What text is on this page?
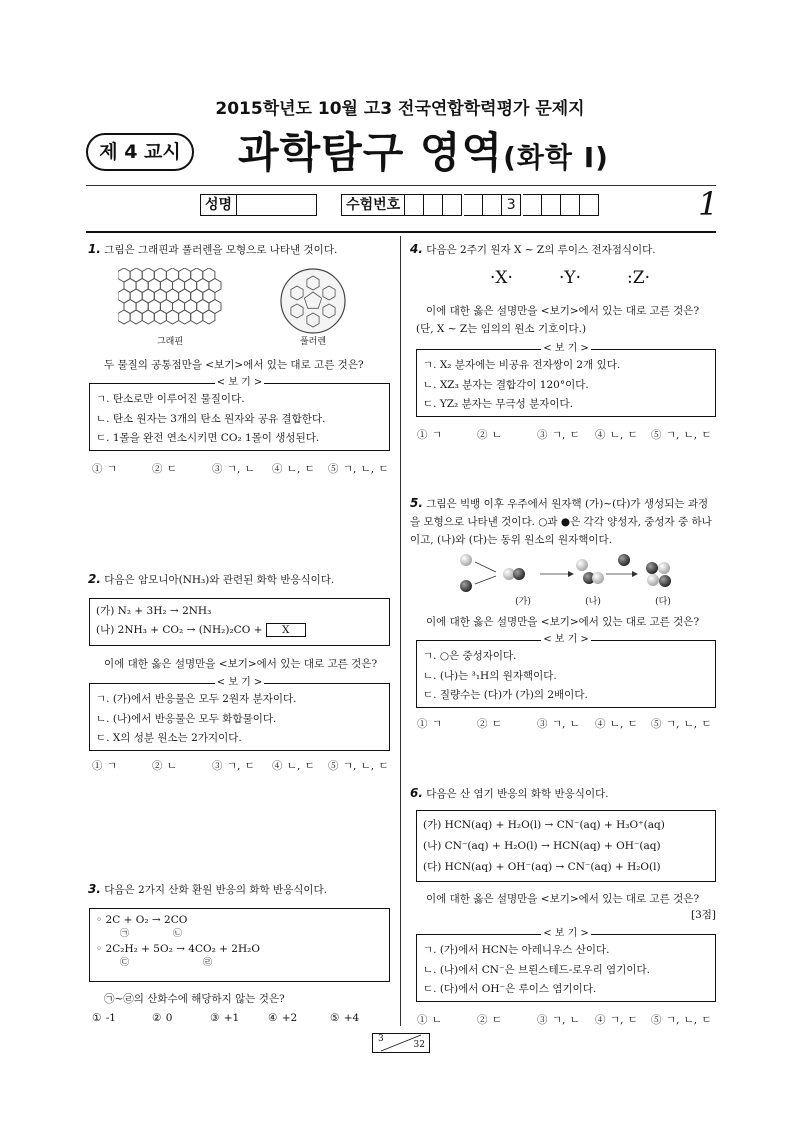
2015학년도 10월 고3 전국연합학력평가 문제지
제 4 교시	과학탐구 영역(화학 Ⅰ)
성명	수험번호	3	1
1. 그림은 그래핀과 풀러렌을 모형으로 나타낸 것이다.
그래핀	풀러렌
두 물질의 공통점만을 <보기>에서 있는 대로 고른 것은?
< 보 기 >
ㄱ. 탄소로만 이루어진 물질이다.
ㄴ. 탄소 원자는 3개의 탄소 원자와 공유 결합한다.
ㄷ. 1몰을 완전 연소시키면 CO₂ 1몰이 생성된다.
① ㄱ	② ㄷ	③ ㄱ, ㄴ ④ ㄴ, ㄷ ⑤ ㄱ, ㄴ, ㄷ
2. 다음은 암모니아(NH₃)와 관련된 화학 반응식이다.
(가) N₂ + 3H₂ → 2NH₃
(나) 2NH₃ + CO₂ → (NH₂)₂CO + X
이에 대한 옳은 설명만을 <보기>에서 있는 대로 고른 것은?
< 보 기 >
ㄱ. (가)에서 반응물은 모두 2원자 분자이다.
ㄴ. (나)에서 반응물은 모두 화합물이다.
ㄷ. X의 성분 원소는 2가지이다.
① ㄱ	② ㄴ	③ ㄱ, ㄷ ④ ㄴ, ㄷ ⑤ ㄱ, ㄴ, ㄷ
3. 다음은 2가지 산화 환원 반응의 화학 반응식이다.
◦ 2C + O₂ → 2CO
㉠	㉡
◦ 2C₂H₂ + 5O₂ → 4CO₂ + 2H₂O
㉢	㉣
㉠∼㉣의 산화수에 해당하지 않는 것은?
① -1	② 0	③ +1	④ +2	⑤ +4
4. 다음은 2주기 원자 X ∼ Z의 루이스 전자점식이다.
·X·	·Y·	:Z·
이에 대한 옳은 설명만을 <보기>에서 있는 대로 고른 것은? (단, X ∼ Z는 임의의 원소 기호이다.)
< 보 기 >
ㄱ. X₂ 분자에는 비공유 전자쌍이 2개 있다.
ㄴ. XZ₃ 분자는 결합각이 120°이다.
ㄷ. YZ₂ 분자는 무극성 분자이다.
① ㄱ	② ㄴ	③ ㄱ, ㄷ ④ ㄴ, ㄷ ⑤ ㄱ, ㄴ, ㄷ
5. 그림은 빅뱅 이후 우주에서 원자핵 (가)∼(다)가 생성되는 과정을 모형으로 나타낸 것이다. ○과 ●은 각각 양성자, 중성자 중 하나이고, (나)와 (다)는 동위 원소의 원자핵이다.
(가)	(나)	(다)
이에 대한 옳은 설명만을 <보기>에서 있는 대로 고른 것은?
< 보 기 >
ㄱ. ○은 중성자이다.
ㄴ. (나)는 ³₁H의 원자핵이다.
ㄷ. 질량수는 (다)가 (가)의 2배이다.
① ㄱ	② ㄷ	③ ㄱ, ㄴ ④ ㄴ, ㄷ ⑤ ㄱ, ㄴ, ㄷ
6. 다음은 산 염기 반응의 화학 반응식이다.
(가) HCN(aq) + H₂O(l) → CN⁻(aq) + H₃O⁺(aq)
(나) CN⁻(aq) + H₂O(l) → HCN(aq) + OH⁻(aq)
(다) HCN(aq) + OH⁻(aq) → CN⁻(aq) + H₂O(l)
이에 대한 옳은 설명만을 <보기>에서 있는 대로 고른 것은?
[3점]
< 보 기 >
ㄱ. (가)에서 HCN는 아레니우스 산이다.
ㄴ. (나)에서 CN⁻은 브뢴스테드-로우리 염기이다.
ㄷ. (다)에서 OH⁻은 루이스 염기이다.
① ㄴ	② ㄷ	③ ㄱ, ㄴ ④ ㄱ, ㄷ ⑤ ㄱ, ㄴ, ㄷ
3
32
